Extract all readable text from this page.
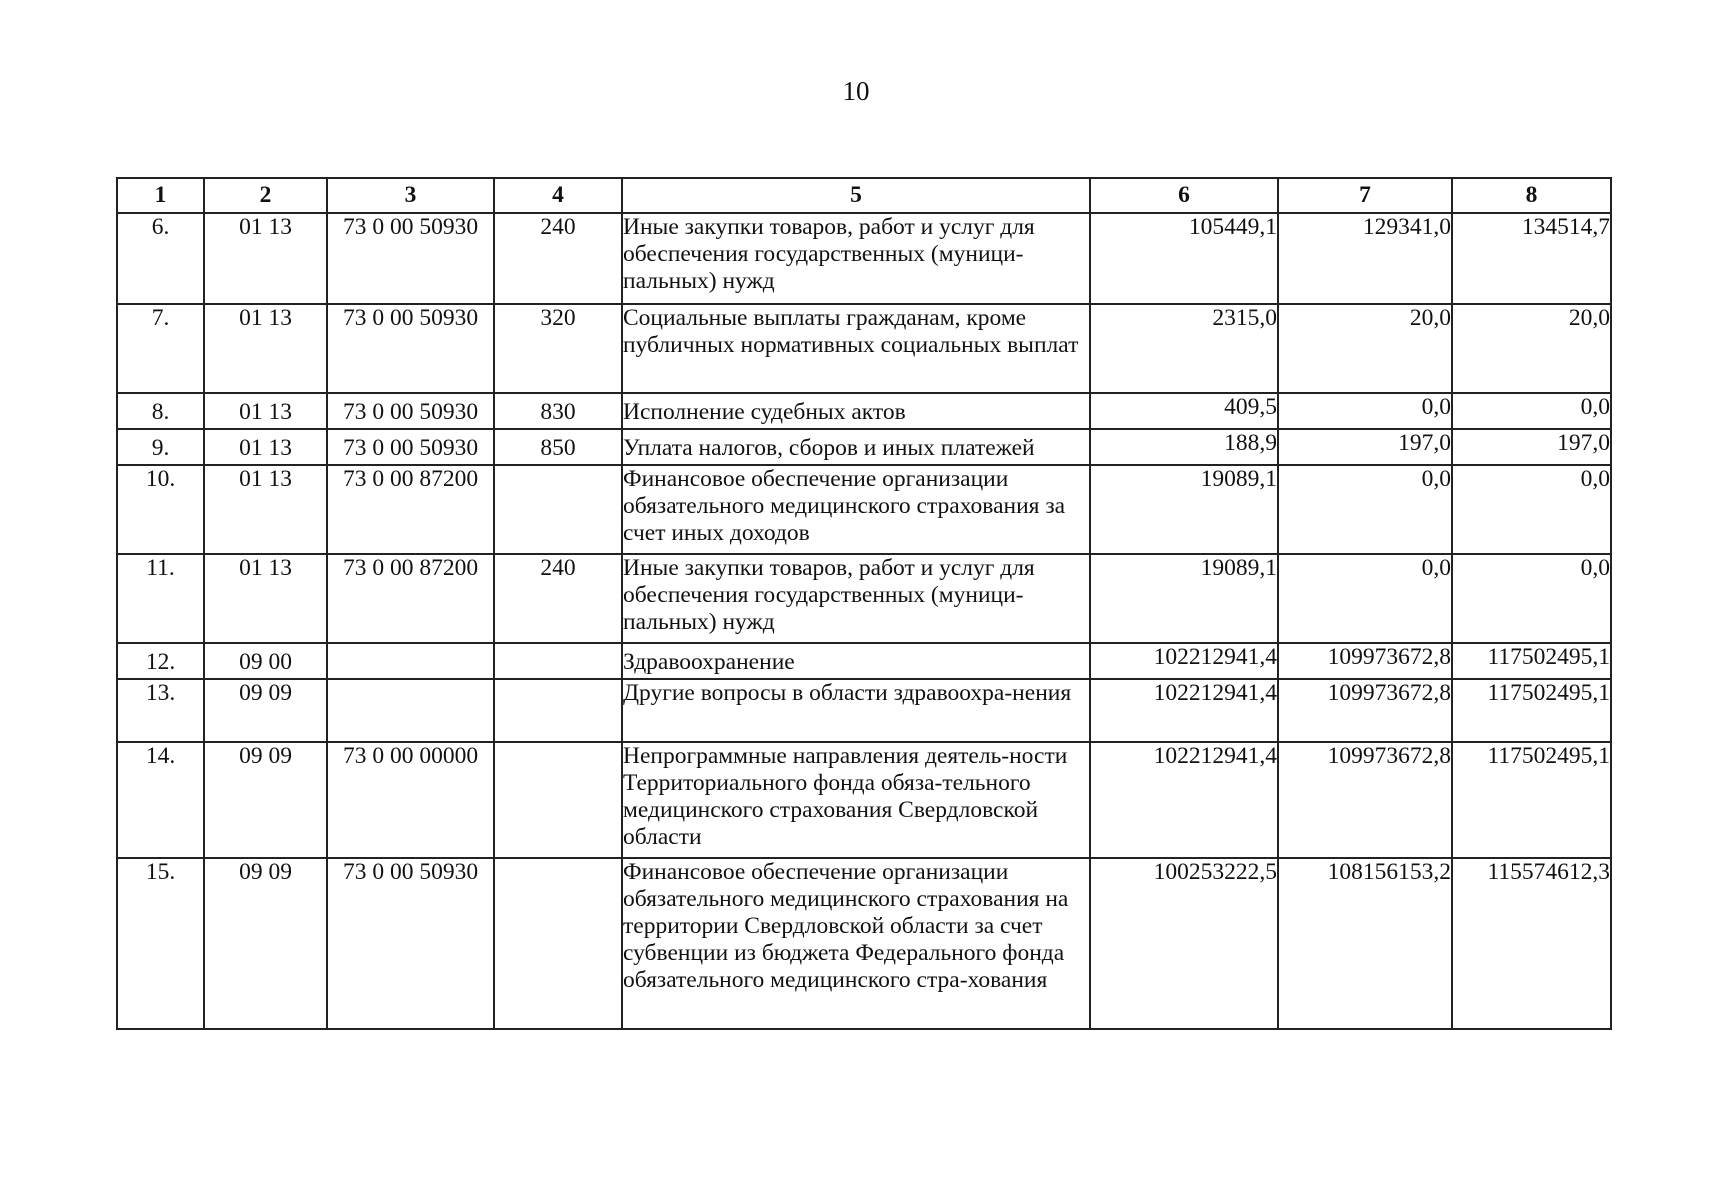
10
1	2	3	4	5	6	7	8
6.	01 13	73 0 00 50930	240	Иные закупки товаров, работ и услуг для обеспечения государственных (муници-пальных) нужд	105449,1	129341,0	134514,7
7.	01 13	73 0 00 50930	320	Социальные выплаты гражданам, кроме публичных нормативных социальных выплат	2315,0	20,0	20,0
8.	01 13	73 0 00 50930	830	Исполнение судебных актов	409,5	0,0	0,0
9.	01 13	73 0 00 50930	850	Уплата налогов, сборов и иных платежей	188,9	197,0	197,0
10.	01 13	73 0 00 87200		Финансовое обеспечение организации обязательного медицинского страхования за счет иных доходов	19089,1	0,0	0,0
11.	01 13	73 0 00 87200	240	Иные закупки товаров, работ и услуг для обеспечения государственных (муници-пальных) нужд	19089,1	0,0	0,0
12.	09 00			Здравоохранение	102212941,4	109973672,8	117502495,1
13.	09 09			Другие вопросы в области здравоохра-нения	102212941,4	109973672,8	117502495,1
14.	09 09	73 0 00 00000		Непрограммные направления деятель-ности Территориального фонда обяза-тельного медицинского страхования Свердловской области	102212941,4	109973672,8	117502495,1
15.	09 09	73 0 00 50930		Финансовое обеспечение организации обязательного медицинского страхования на территории Свердловской области за счет субвенции из бюджета Федерального фонда обязательного медицинского стра-хования	100253222,5	108156153,2	115574612,3
